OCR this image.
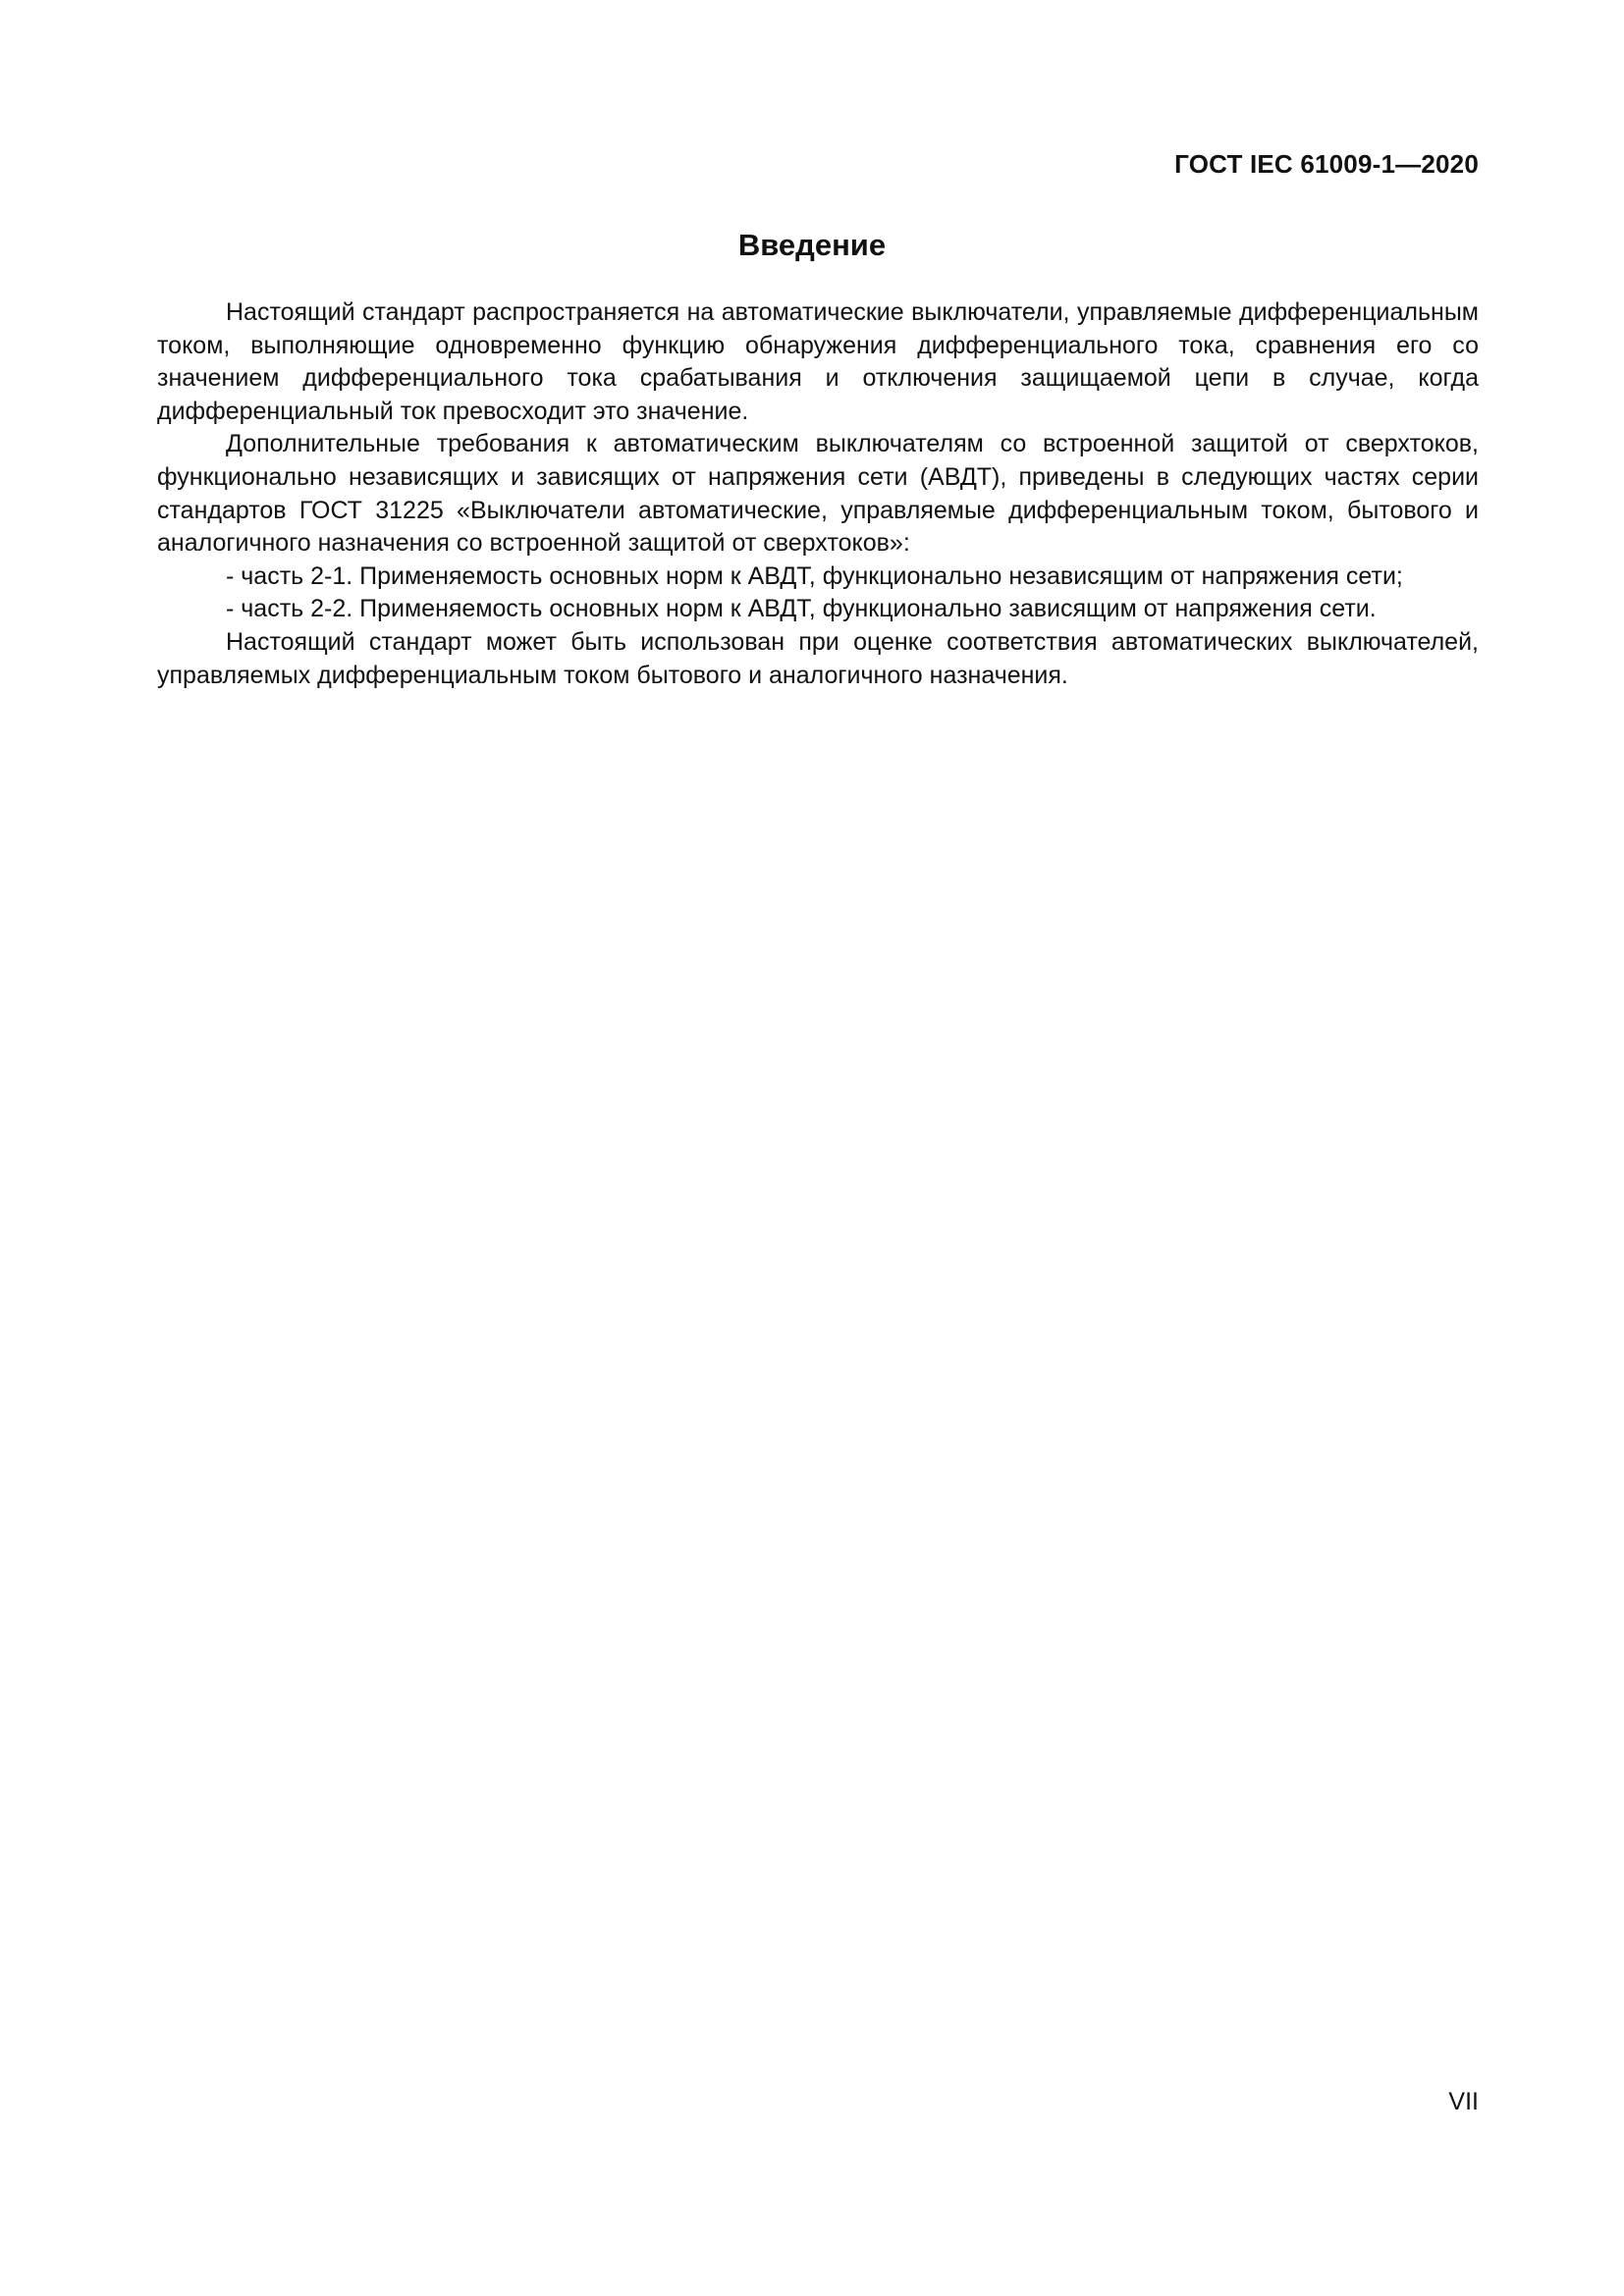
ГОСТ IEC 61009-1—2020
Введение

Настоящий стандарт распространяется на автоматические выключатели, управляемые дифференциальным током, выполняющие одновременно функцию обнаружения дифференциального тока, сравнения его со значением дифференциального тока срабатывания и отключения защищаемой цепи в случае, когда дифференциальный ток превосходит это значение.

Дополнительные требования к автоматическим выключателям со встроенной защитой от сверхтоков, функционально независящих и зависящих от напряжения сети (АВДТ), приведены в следующих частях серии стандартов ГОСТ 31225 «Выключатели автоматические, управляемые дифференциальным током, бытового и аналогичного назначения со встроенной защитой от сверхтоков»:

- часть 2-1. Применяемость основных норм к АВДТ, функционально независящим от напряжения сети;

- часть 2-2. Применяемость основных норм к АВДТ, функционально зависящим от напряжения сети.

Настоящий стандарт может быть использован при оценке соответствия автоматических выключателей, управляемых дифференциальным током бытового и аналогичного назначения.

VII
